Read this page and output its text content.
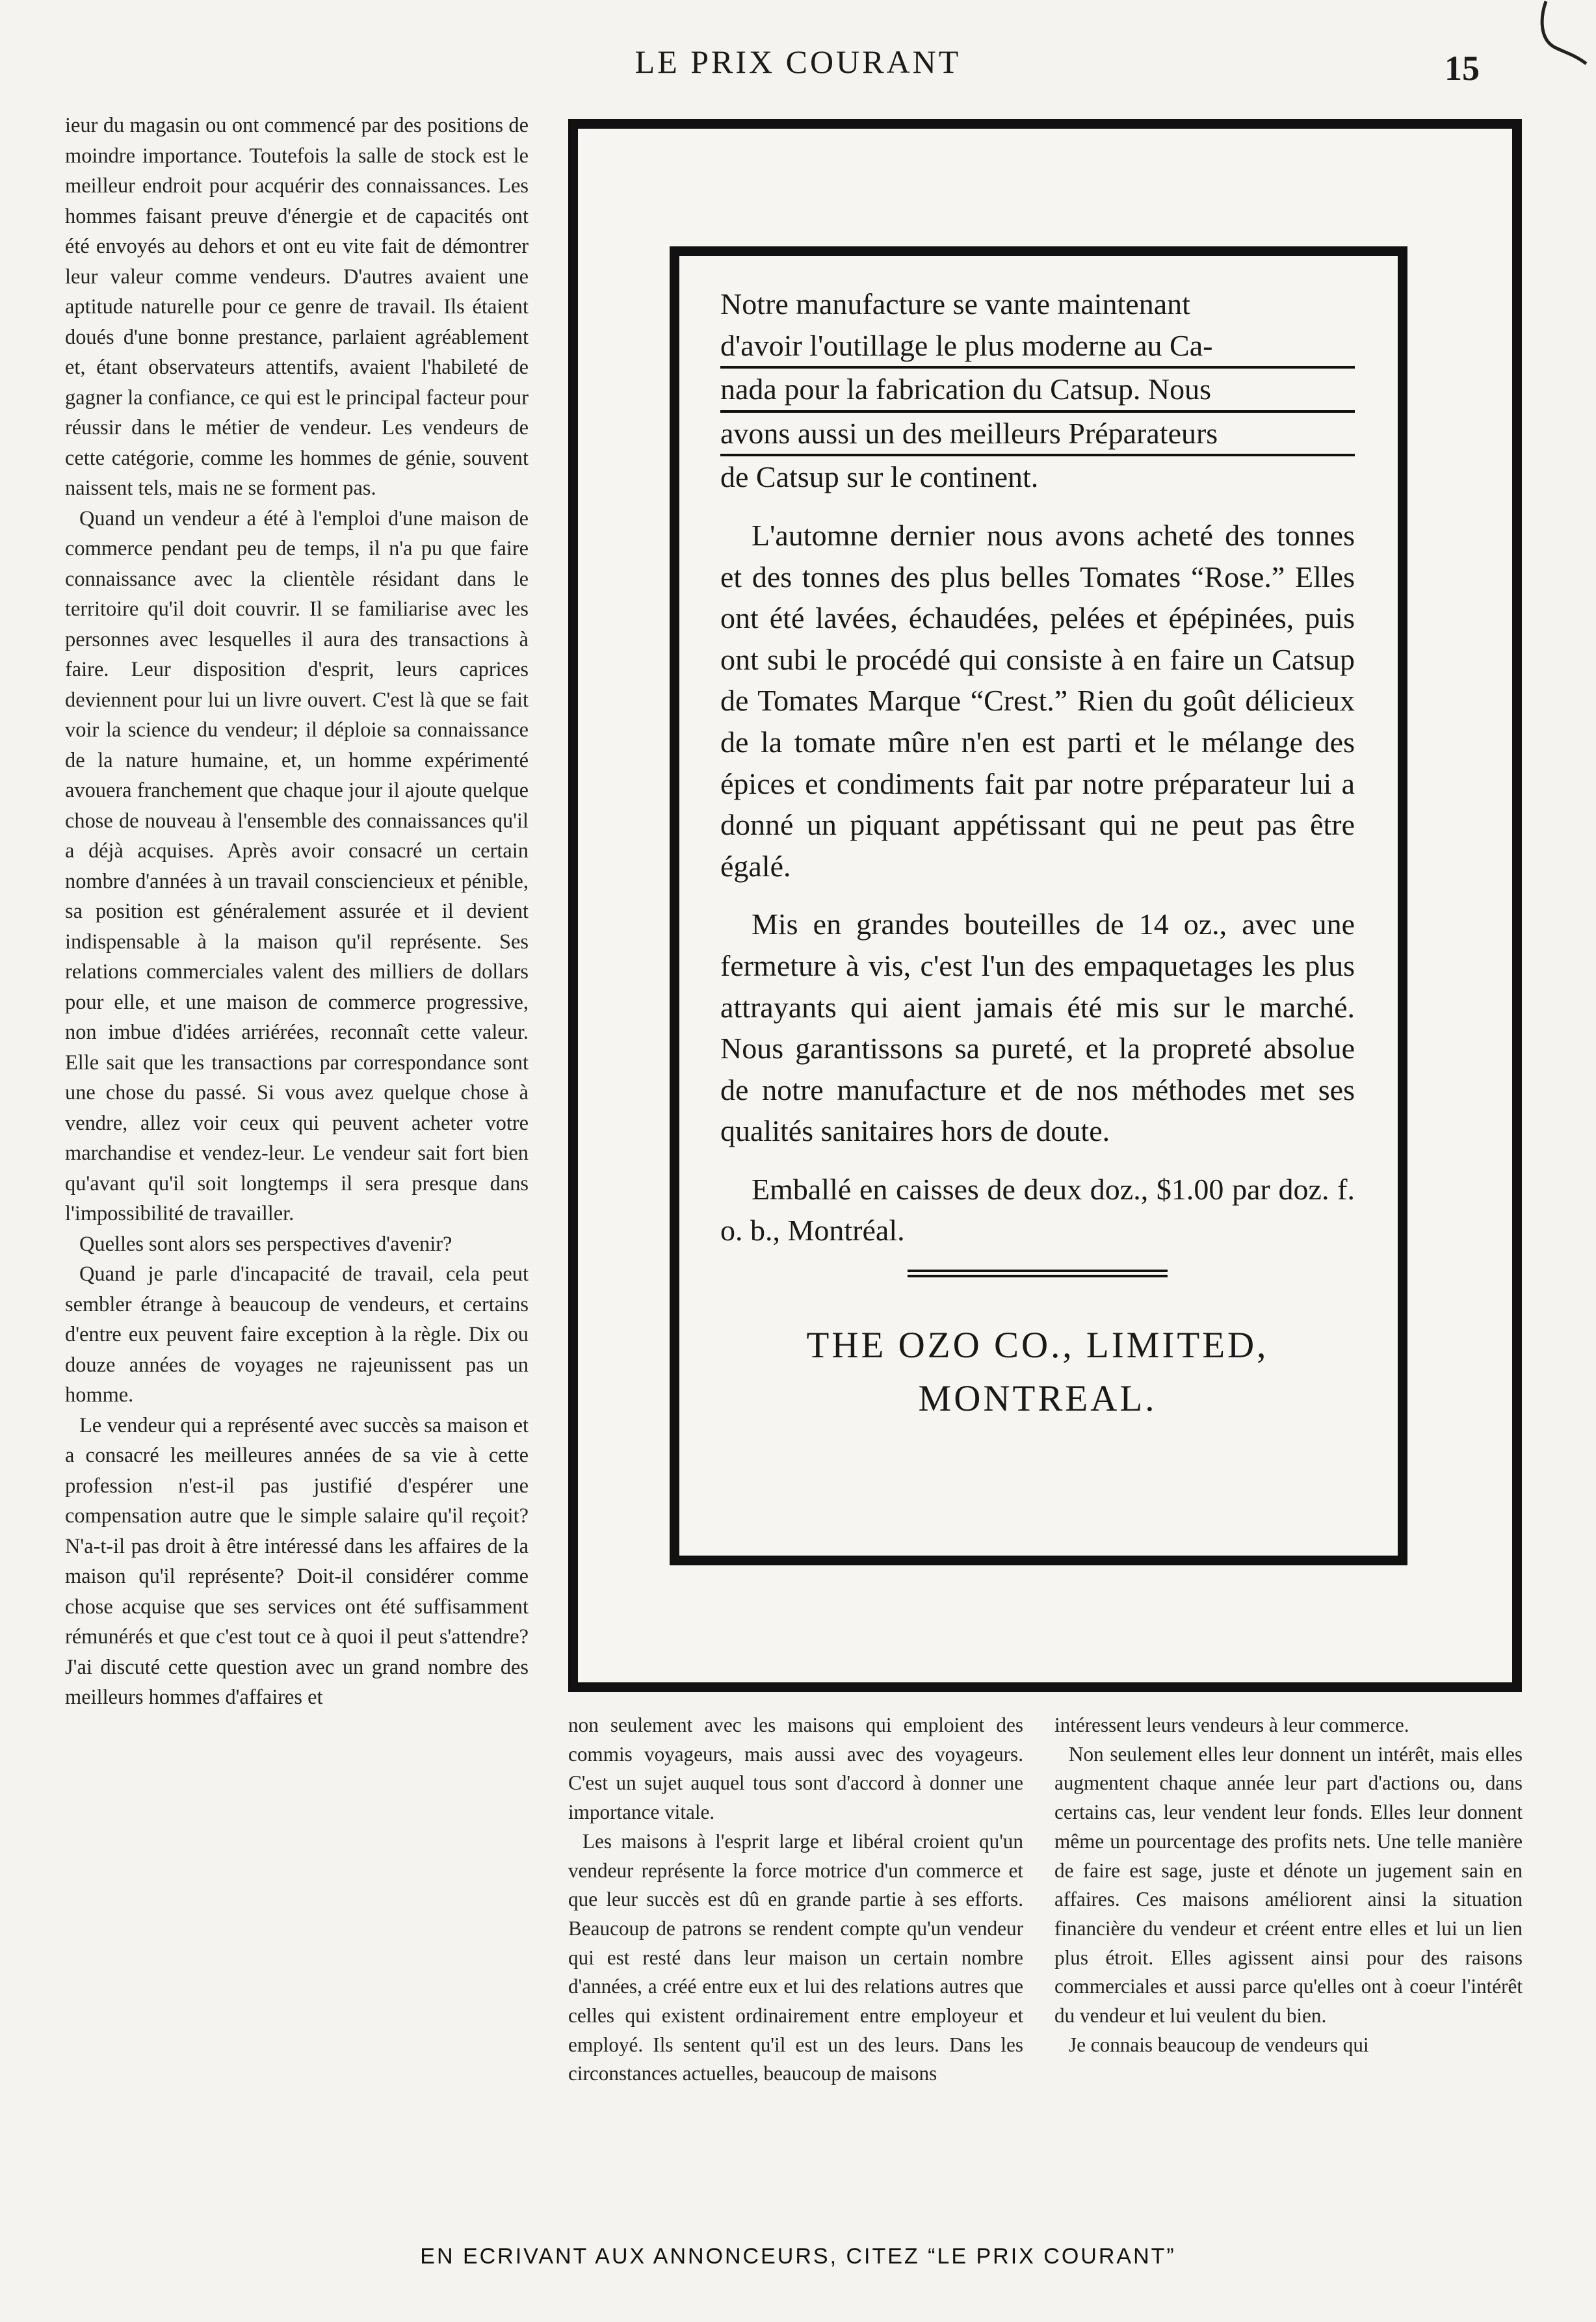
LE PRIX COURANT	15

ieur du magasin ou ont commencé par des positions de moindre importance. Toutefois la salle de stock est le meilleur endroit pour acquérir des connaissances. Les hommes faisant preuve d'énergie et de capacités ont été envoyés au dehors et ont eu vite fait de démontrer leur valeur comme vendeurs. D'autres avaient une aptitude naturelle pour ce genre de travail. Ils étaient doués d'une bonne prestance, parlaient agréablement et, étant observateurs attentifs, avaient l'habileté de gagner la confiance, ce qui est le principal facteur pour réussir dans le métier de vendeur. Les vendeurs de cette catégorie, comme les hommes de génie, souvent naissent tels, mais ne se forment pas.

Quand un vendeur a été à l'emploi d'une maison de commerce pendant peu de temps, il n'a pu que faire connaissance avec la clientèle résidant dans le territoire qu'il doit couvrir. Il se familiarise avec les personnes avec lesquelles il aura des transactions à faire. Leur disposition d'esprit, leurs caprices deviennent pour lui un livre ouvert. C'est là que se fait voir la science du vendeur; il déploie sa connaissance de la nature humaine, et, un homme expérimenté avouera franchement que chaque jour il ajoute quelque chose de nouveau à l'ensemble des connaissances qu'il a déjà acquises. Après avoir consacré un certain nombre d'années à un travail consciencieux et pénible, sa position est généralement assurée et il devient indispensable à la maison qu'il représente. Ses relations commerciales valent des milliers de dollars pour elle, et une maison de commerce progressive, non imbue d'idées arriérées, reconnaît cette valeur. Elle sait que les transactions par correspondance sont une chose du passé. Si vous avez quelque chose à vendre, allez voir ceux qui peuvent acheter votre marchandise et vendez-leur. Le vendeur sait fort bien qu'avant qu'il soit longtemps il sera presque dans l'impossibilité de travailler.

Quelles sont alors ses perspectives d'avenir?

Quand je parle d'incapacité de travail, cela peut sembler étrange à beaucoup de vendeurs, et certains d'entre eux peuvent faire exception à la règle. Dix ou douze années de voyages ne rajeunissent pas un homme.

Le vendeur qui a représenté avec succès sa maison et a consacré les meilleures années de sa vie à cette profession n'est-il pas justifié d'espérer une compensation autre que le simple salaire qu'il reçoit? N'a-t-il pas droit à être intéressé dans les affaires de la maison qu'il représente? Doit-il considérer comme chose acquise que ses services ont été suffisamment rémunérés et que c'est tout ce à quoi il peut s'attendre? J'ai discuté cette question avec un grand nombre des meilleurs hommes d'affaires et

Notre manufacture se vante maintenant
d'avoir l'outillage le plus moderne au Ca-
nada pour la fabrication du Catsup. Nous
avons aussi un des meilleurs Préparateurs
de Catsup sur le continent.

L'automne dernier nous avons acheté des tonnes et des tonnes des plus belles Tomates “Rose.” Elles ont été lavées, échaudées, pelées et épépinées, puis ont subi le procédé qui consiste à en faire un Catsup de Tomates Marque “Crest.” Rien du goût délicieux de la tomate mûre n'en est parti et le mélange des épices et condiments fait par notre préparateur lui a donné un piquant appétissant qui ne peut pas être égalé.

Mis en grandes bouteilles de 14 oz., avec une fermeture à vis, c'est l'un des empaquetages les plus attrayants qui aient jamais été mis sur le marché. Nous garantissons sa pureté, et la propreté absolue de notre manufacture et de nos méthodes met ses qualités sanitaires hors de doute.

Emballé en caisses de deux doz., $1.00 par doz. f. o. b., Montréal.

THE OZO CO., LIMITED,
MONTREAL.

non seulement avec les maisons qui emploient des commis voyageurs, mais aussi avec des voyageurs. C'est un sujet auquel tous sont d'accord à donner une importance vitale.

Les maisons à l'esprit large et libéral croient qu'un vendeur représente la force motrice d'un commerce et que leur succès est dû en grande partie à ses efforts. Beaucoup de patrons se rendent compte qu'un vendeur qui est resté dans leur maison un certain nombre d'années, a créé entre eux et lui des relations autres que celles qui existent ordinairement entre employeur et employé. Ils sentent qu'il est un des leurs. Dans les circonstances actuelles, beaucoup de maisons

intéressent leurs vendeurs à leur commerce.

Non seulement elles leur donnent un intérêt, mais elles augmentent chaque année leur part d'actions ou, dans certains cas, leur vendent leur fonds. Elles leur donnent même un pourcentage des profits nets. Une telle manière de faire est sage, juste et dénote un jugement sain en affaires. Ces maisons améliorent ainsi la situation financière du vendeur et créent entre elles et lui un lien plus étroit. Elles agissent ainsi pour des raisons commerciales et aussi parce qu'elles ont à coeur l'intérêt du vendeur et lui veulent du bien.

Je connais beaucoup de vendeurs qui

EN ECRIVANT AUX ANNONCEURS, CITEZ “LE PRIX COURANT”
